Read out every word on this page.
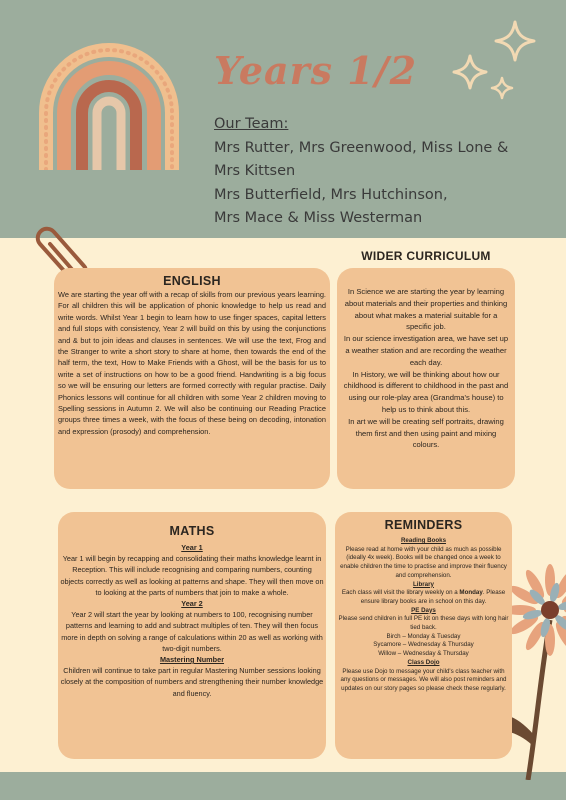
Years 1/2
Our Team:
Mrs Rutter, Mrs Greenwood, Miss Lone &
Mrs Kittsen
Mrs Butterfield, Mrs Hutchinson,
Mrs Mace & Miss Westerman
ENGLISH
We are starting the year off with a recap of skills from our previous years learning. For all children this will be application of phonic knowledge to help us read and write words. Whilst Year 1 begin to learn how to use finger spaces, capital letters and full stops with consistency, Year 2 will build on this by using the conjunctions and & but to join ideas and clauses in sentences. We will use the text, Frog and the Stranger to write a short story to share at home, then towards the end of the half term, the text, How to Make Friends with a Ghost, will be the basis for us to write a set of instructions on how to be a good friend. Handwriting is a big focus so we will be ensuring our letters are formed correctly with regular practise. Daily Phonics lessons will continue for all children with some Year 2 children moving to Spelling sessions in Autumn 2. We will also be continuing our Reading Practice groups three times a week, with the focus of these being on decoding, intonation and expression (prosody) and comprehension.
WIDER CURRICULUM
In Science we are starting the year by learning about materials and their properties and thinking about what makes a material suitable for a specific job.
In our science investigation area, we have set up a weather station and are recording the weather each day.
In History, we will be thinking about how our childhood is different to childhood in the past and using our role-play area (Grandma's house) to help us to think about this.
In art we will be creating self portraits, drawing them first and then using paint and mixing colours.
MATHS
Year 1
Year 1 will begin by recapping and consolidating their maths knowledge learnt in Reception. This will include recognising and comparing numbers, counting objects correctly as well as looking at patterns and shape. They will then move on to looking at the parts of numbers that join to make a whole.
Year 2
Year 2 will start the year by looking at numbers to 100, recognising number patterns and learning to add and subtract multiples of ten. They will then focus more in depth on solving a range of calculations within 20 as well as working with two-digit numbers.
Mastering Number
Children will continue to take part in regular Mastering Number sessions looking closely at the composition of numbers and strengthening their number knowledge and fluency.
REMINDERS
Reading Books
Please read at home with your child as much as possible (ideally 4x week). Books will be changed once a week to enable children the time to practise and improve their fluency and comprehension.
Library
Each class will visit the library weekly on a Monday. Please ensure library books are in school on this day.
PE Days
Please send children in full PE kit on these days with long hair tied back.
Birch – Monday & Tuesday
Sycamore – Wednesday & Thursday
Willow – Wednesday & Thursday
Class Dojo
Please use Dojo to message your child's class teacher with any questions or messages. We will also post reminders and updates on our story pages so please check these regularly.
